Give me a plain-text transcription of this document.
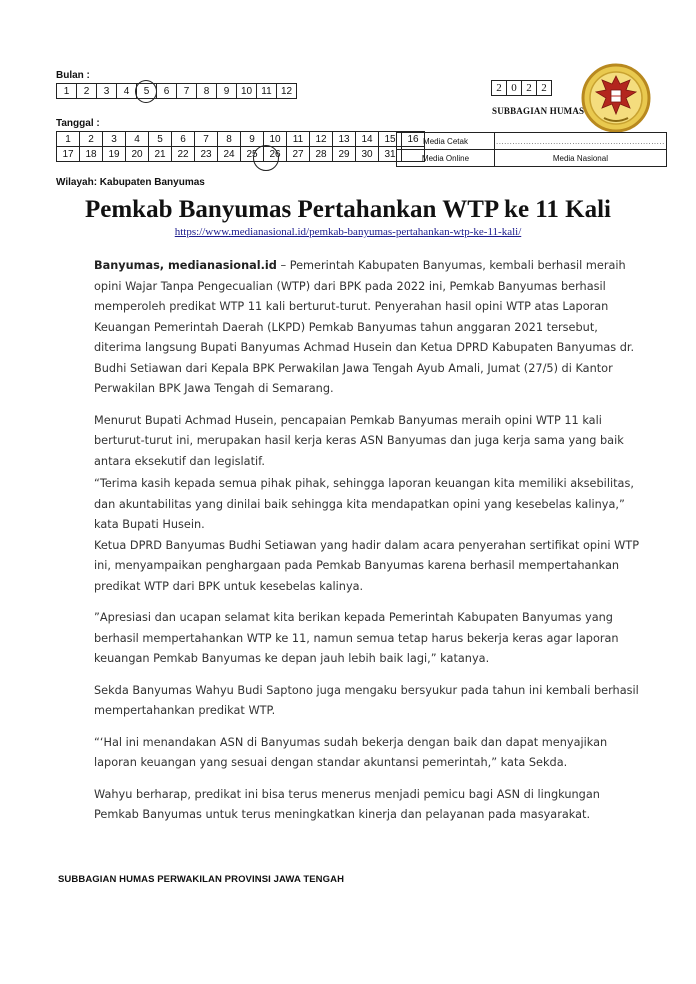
Bulan :
1	2	3	4	5	6	7	8	9	10	11	12
Tanggal :
1	2	3	4	5	6	7	8	9	10	11	12	13	14	15	16
17	18	19	20	21	22	23	24	25	26	27	28	29	30	31	
2	0	2	2
SUBBAGIAN HUMAS
Media Cetak	..............................................................
Media Online	Media Nasional
Wilayah: Kabupaten Banyumas
Pemkab Banyumas Pertahankan WTP ke 11 Kali
https://www.medianasional.id/pemkab-banyumas-pertahankan-wtp-ke-11-kali/

Banyumas, medianasional.id – Pemerintah Kabupaten Banyumas, kembali berhasil meraih opini Wajar Tanpa Pengecualian (WTP) dari BPK pada 2022 ini, Pemkab Banyumas berhasil memperoleh predikat WTP 11 kali berturut-turut. Penyerahan hasil opini WTP atas Laporan Keuangan Pemerintah Daerah (LKPD) Pemkab Banyumas tahun anggaran 2021 tersebut, diterima langsung Bupati Banyumas Achmad Husein dan Ketua DPRD Kabupaten Banyumas dr. Budhi Setiawan dari Kepala BPK Perwakilan Jawa Tengah Ayub Amali, Jumat (27/5) di Kantor Perwakilan BPK Jawa Tengah di Semarang.

Menurut Bupati Achmad Husein, pencapaian Pemkab Banyumas meraih opini WTP 11 kali berturut-turut ini, merupakan hasil kerja keras ASN Banyumas dan juga kerja sama yang baik antara eksekutif dan legislatif.

“Terima kasih kepada semua pihak pihak, sehingga laporan keuangan kita memiliki aksebilitas, dan akuntabilitas yang dinilai baik sehingga kita mendapatkan opini yang kesebelas kalinya,” kata Bupati Husein.

Ketua DPRD Banyumas Budhi Setiawan yang hadir dalam acara penyerahan sertifikat opini WTP ini, menyampaikan penghargaan pada Pemkab Banyumas karena berhasil mempertahankan predikat WTP dari BPK untuk kesebelas kalinya.

”Apresiasi dan ucapan selamat kita berikan kepada Pemerintah Kabupaten Banyumas yang berhasil mempertahankan WTP ke 11, namun semua tetap harus bekerja keras agar laporan keuangan Pemkab Banyumas ke depan jauh lebih baik lagi,” katanya.

Sekda Banyumas Wahyu Budi Saptono juga mengaku bersyukur pada tahun ini kembali berhasil mempertahankan predikat WTP.

“‘Hal ini menandakan ASN di Banyumas sudah bekerja dengan baik dan dapat menyajikan laporan keuangan yang sesuai dengan standar akuntansi pemerintah,” kata Sekda.

Wahyu berharap, predikat ini bisa terus menerus menjadi pemicu bagi ASN di lingkungan Pemkab Banyumas untuk terus meningkatkan kinerja dan pelayanan pada masyarakat.

SUBBAGIAN HUMAS PERWAKILAN PROVINSI JAWA TENGAH
